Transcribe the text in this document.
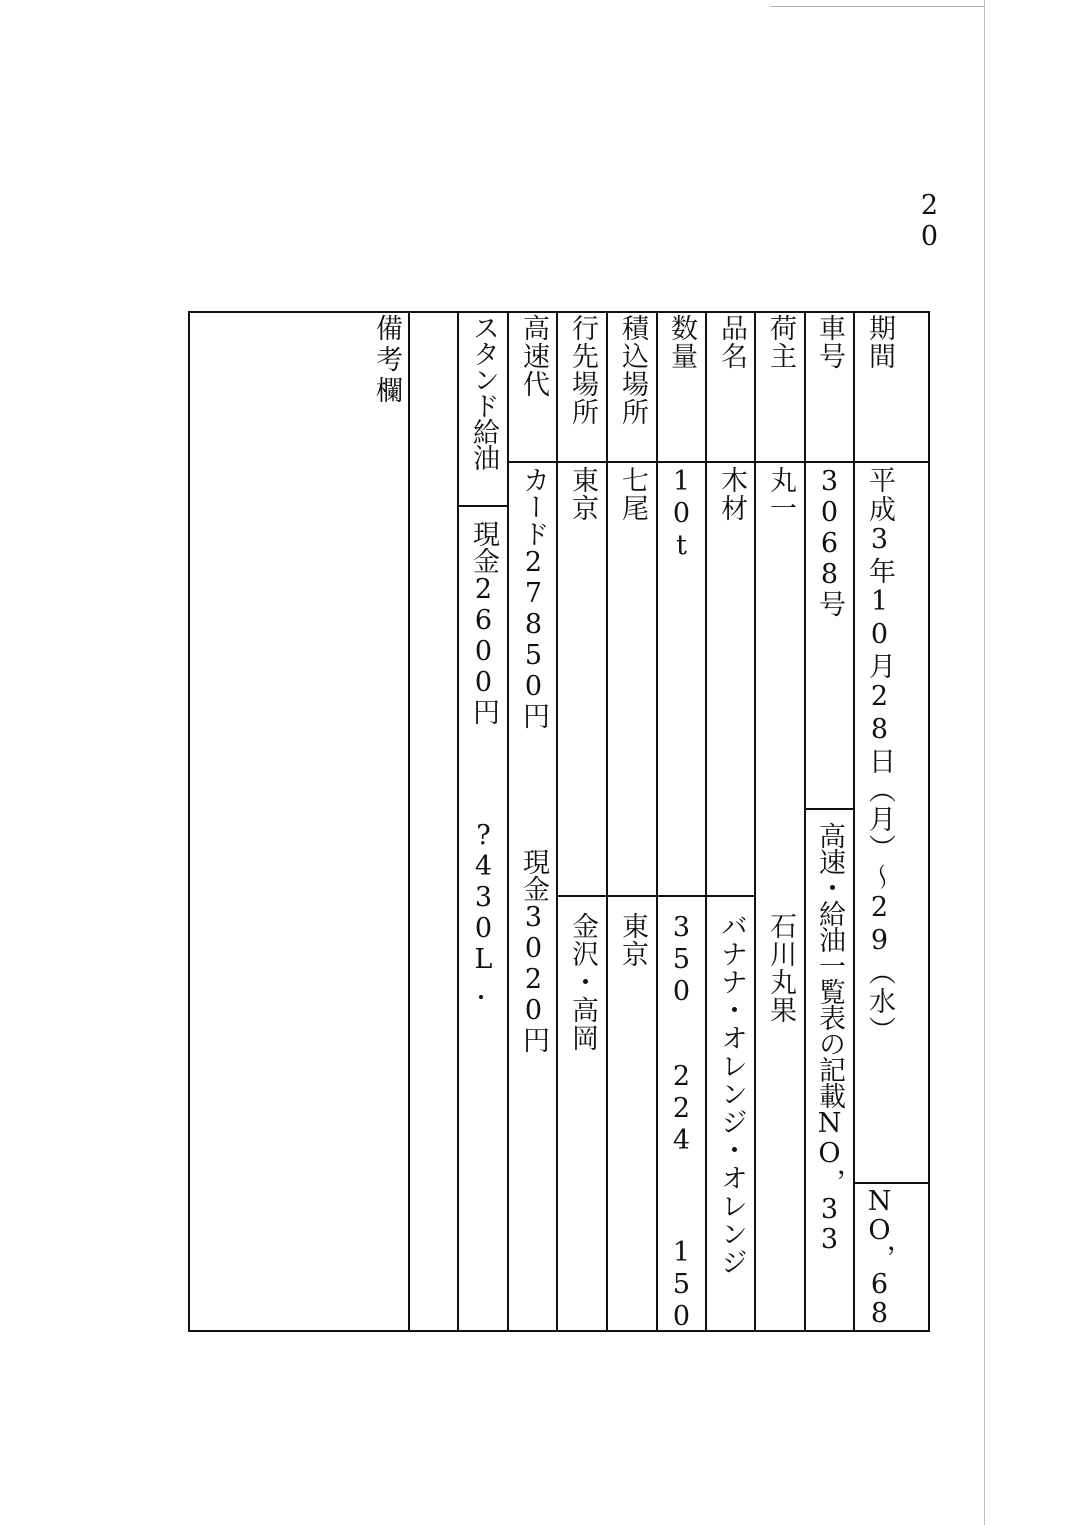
20
期間
車号
荷主
品名
数量
積込場所
行先場所
高速代
スタンド給油
備考欄
平成3年10月28日（月）～29（水）
NO，68
3068号
高速・給油一覧表の記載NO，33
丸一
石川丸果
木材
バナナ・オレンジ・オレンジ
10t
350
224
150
七尾
東京
東京
金沢・高岡
カード27850円
現金3020円
現金2600円
?430L
